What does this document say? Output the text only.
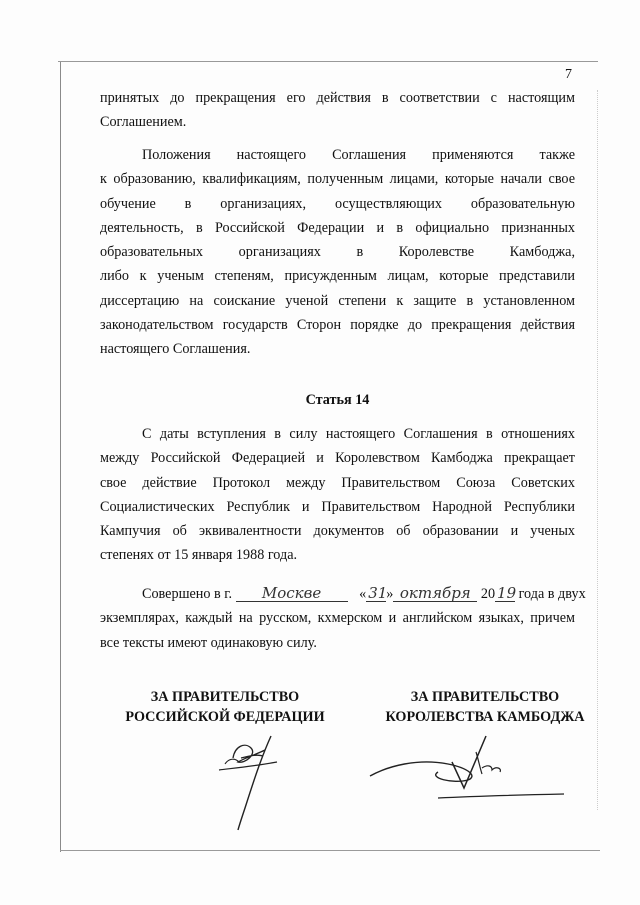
7

принятых до прекращения его действия в соответствии с настоящим

Соглашением.

Положения настоящего Соглашения применяются также

к образованию, квалификациям, полученным лицами, которые начали свое

обучение в организациях, осуществляющих образовательную

деятельность, в Российской Федерации и в официально признанных

образовательных организациях в Королевстве Камбоджа,

либо к ученым степеням, присужденным лицам, которые представили

диссертацию на соискание ученой степени к защите в установленном

законодательством государств Сторон порядке до прекращения действия

настоящего Соглашения.

Статья 14

С даты вступления в силу настоящего Соглашения в отношениях

между Российской Федерацией и Королевством Камбоджа прекращает

свое действие Протокол между Правительством Союза Советских

Социалистических Республик и Правительством Народной Республики

Кампучия об эквивалентности документов об образовании и ученых

степенях от 15 января 1988 года.

Совершено в г. Москве	« 31» октября 20 19 года в двух

экземплярах, каждый на русском, кхмерском и английском языках, причем

все тексты имеют одинаковую силу.

ЗА ПРАВИТЕЛЬСТВО
РОССИЙСКОЙ ФЕДЕРАЦИИ
ЗА ПРАВИТЕЛЬСТВО
КОРОЛЕВСТВА КАМБОДЖА
